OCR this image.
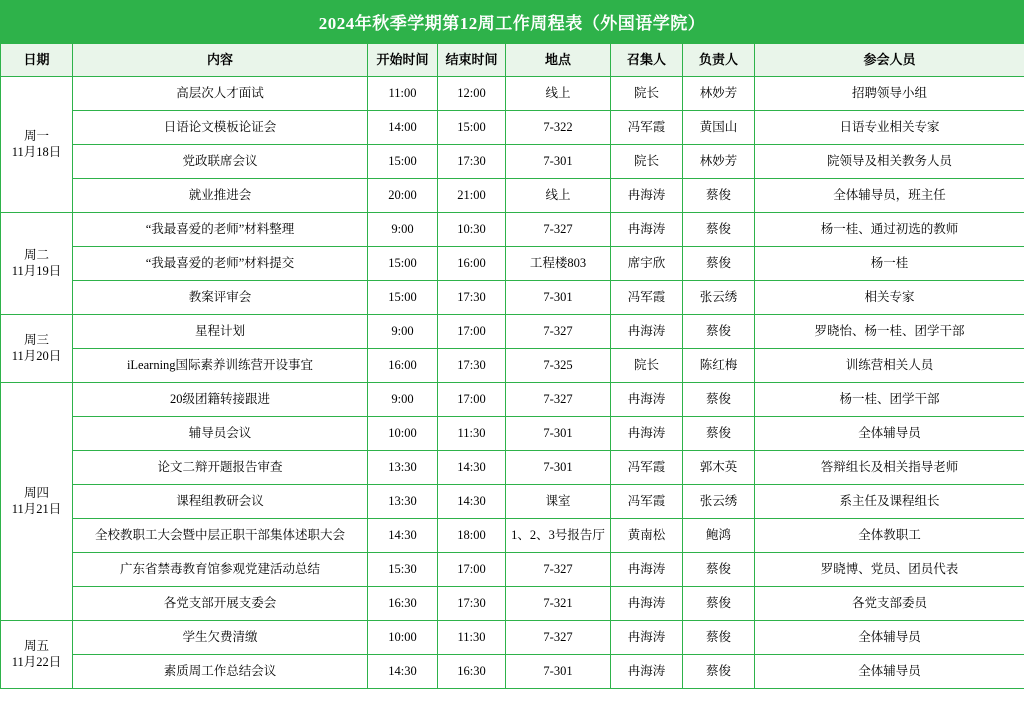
2024年秋季学期第12周工作周程表（外国语学院）
日期	内容	开始时间	结束时间	地点	召集人	负责人	参会人员

周一
11月18日	高层次人才面试	11:00	12:00	线上	院长	林妙芳	招聘领导小组
	日语论文模板论证会	14:00	15:00	7-322	冯军霞	黄国山	日语专业相关专家
	党政联席会议	15:00	17:30	7-301	院长	林妙芳	院领导及相关教务人员
	就业推进会	20:00	21:00	线上	冉海涛	蔡俊	全体辅导员，班主任

周二
11月19日	“我最喜爱的老师”材料整理	9:00	10:30	7-327	冉海涛	蔡俊	杨一桂、通过初选的教师
	“我最喜爱的老师”材料提交	15:00	16:00	工程楼803	席宇欣	蔡俊	杨一桂
	教案评审会	15:00	17:30	7-301	冯军霞	张云绣	相关专家

周三
11月20日	星程计划	9:00	17:00	7-327	冉海涛	蔡俊	罗晓怡、杨一桂、团学干部
	iLearning国际素养训练营开设事宜	16:00	17:30	7-325	院长	陈红梅	训练营相关人员

周四
11月21日	20级团籍转接跟进	9:00	17:00	7-327	冉海涛	蔡俊	杨一桂、团学干部
	辅导员会议	10:00	11:30	7-301	冉海涛	蔡俊	全体辅导员
	论文二辩开题报告审查	13:30	14:30	7-301	冯军霞	郭木英	答辩组长及相关指导老师
	课程组教研会议	13:30	14:30	课室	冯军霞	张云绣	系主任及课程组长
	全校教职工大会暨中层正职干部集体述职大会	14:30	18:00	1、2、3号报告厅	黄南松	鲍鸿	全体教职工
	广东省禁毒教育馆参观党建活动总结	15:30	17:00	7-327	冉海涛	蔡俊	罗晓博、党员、团员代表
	各党支部开展支委会	16:30	17:30	7-321	冉海涛	蔡俊	各党支部委员

周五
11月22日	学生欠费清缴	10:00	11:30	7-327	冉海涛	蔡俊	全体辅导员
	素质周工作总结会议	14:30	16:30	7-301	冉海涛	蔡俊	全体辅导员
